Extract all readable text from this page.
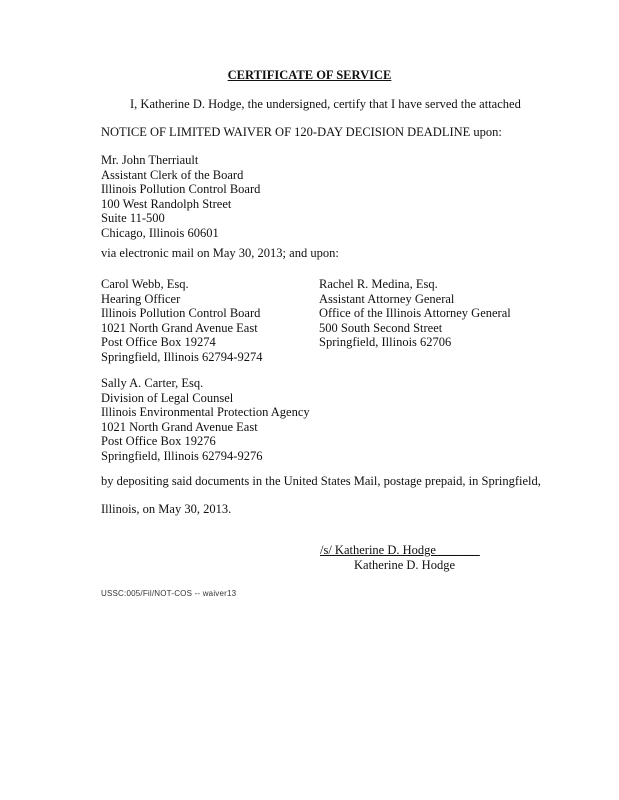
CERTIFICATE OF SERVICE
I, Katherine D. Hodge, the undersigned, certify that I have served the attached
NOTICE OF LIMITED WAIVER OF 120-DAY DECISION DEADLINE upon:
Mr. John Therriault
Assistant Clerk of the Board
Illinois Pollution Control Board
100 West Randolph Street
Suite 11-500
Chicago, Illinois 60601
via electronic mail on May 30, 2013; and upon:
Carol Webb, Esq.
Hearing Officer
Illinois Pollution Control Board
1021 North Grand Avenue East
Post Office Box 19274
Springfield, Illinois 62794-9274
Rachel R. Medina, Esq.
Assistant Attorney General
Office of the Illinois Attorney General
500 South Second Street
Springfield, Illinois 62706
Sally A. Carter, Esq.
Division of Legal Counsel
Illinois Environmental Protection Agency
1021 North Grand Avenue East
Post Office Box 19276
Springfield, Illinois 62794-9276
by depositing said documents in the United States Mail, postage prepaid, in Springfield,
Illinois, on May 30, 2013.
/s/ Katherine D. Hodge_______
Katherine D. Hodge
USSC:005/Fil/NOT-COS -- waiver13
